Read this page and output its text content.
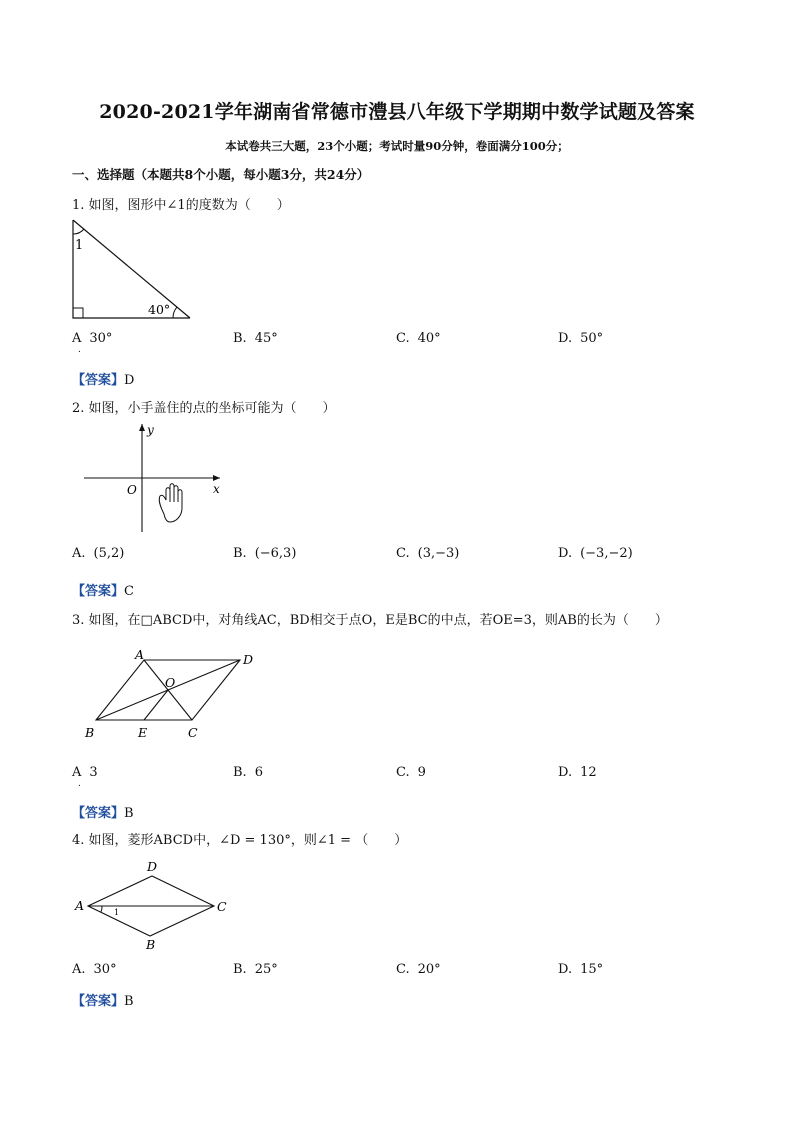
2020-2021学年湖南省常德市澧县八年级下学期期中数学试题及答案
本试卷共三大题，23个小题；考试时量90分钟，卷面满分100分；
一、选择题（本题共8个小题，每小题3分，共24分）
1. 如图，图形中∠1的度数为（　　）
1
40°
A 30°
.
B. 45°	C. 40°	D. 50°
【 答案 】 D
2. 如图，小手盖住的点的坐标可能为（　　）
y
x
O
A. (5,2)	B. (−6,3)	C. (3,−3)	D. (−3,−2)
【 答案 】 C
3. 如图，在□ABCD中，对角线AC，BD相交于点O，E是BC的中点，若OE=3，则AB的长为（　　）
A	D
O
B	E	C
A 3
.
B. 6	C. 9	D. 12
【 答案 】 B
4. 如图，菱形ABCD中，∠D = 130°，则∠1 = （　　）
D
A	C
B
1
A. 30°	B. 25°	C. 20°	D. 15°
【 答案 】 B
